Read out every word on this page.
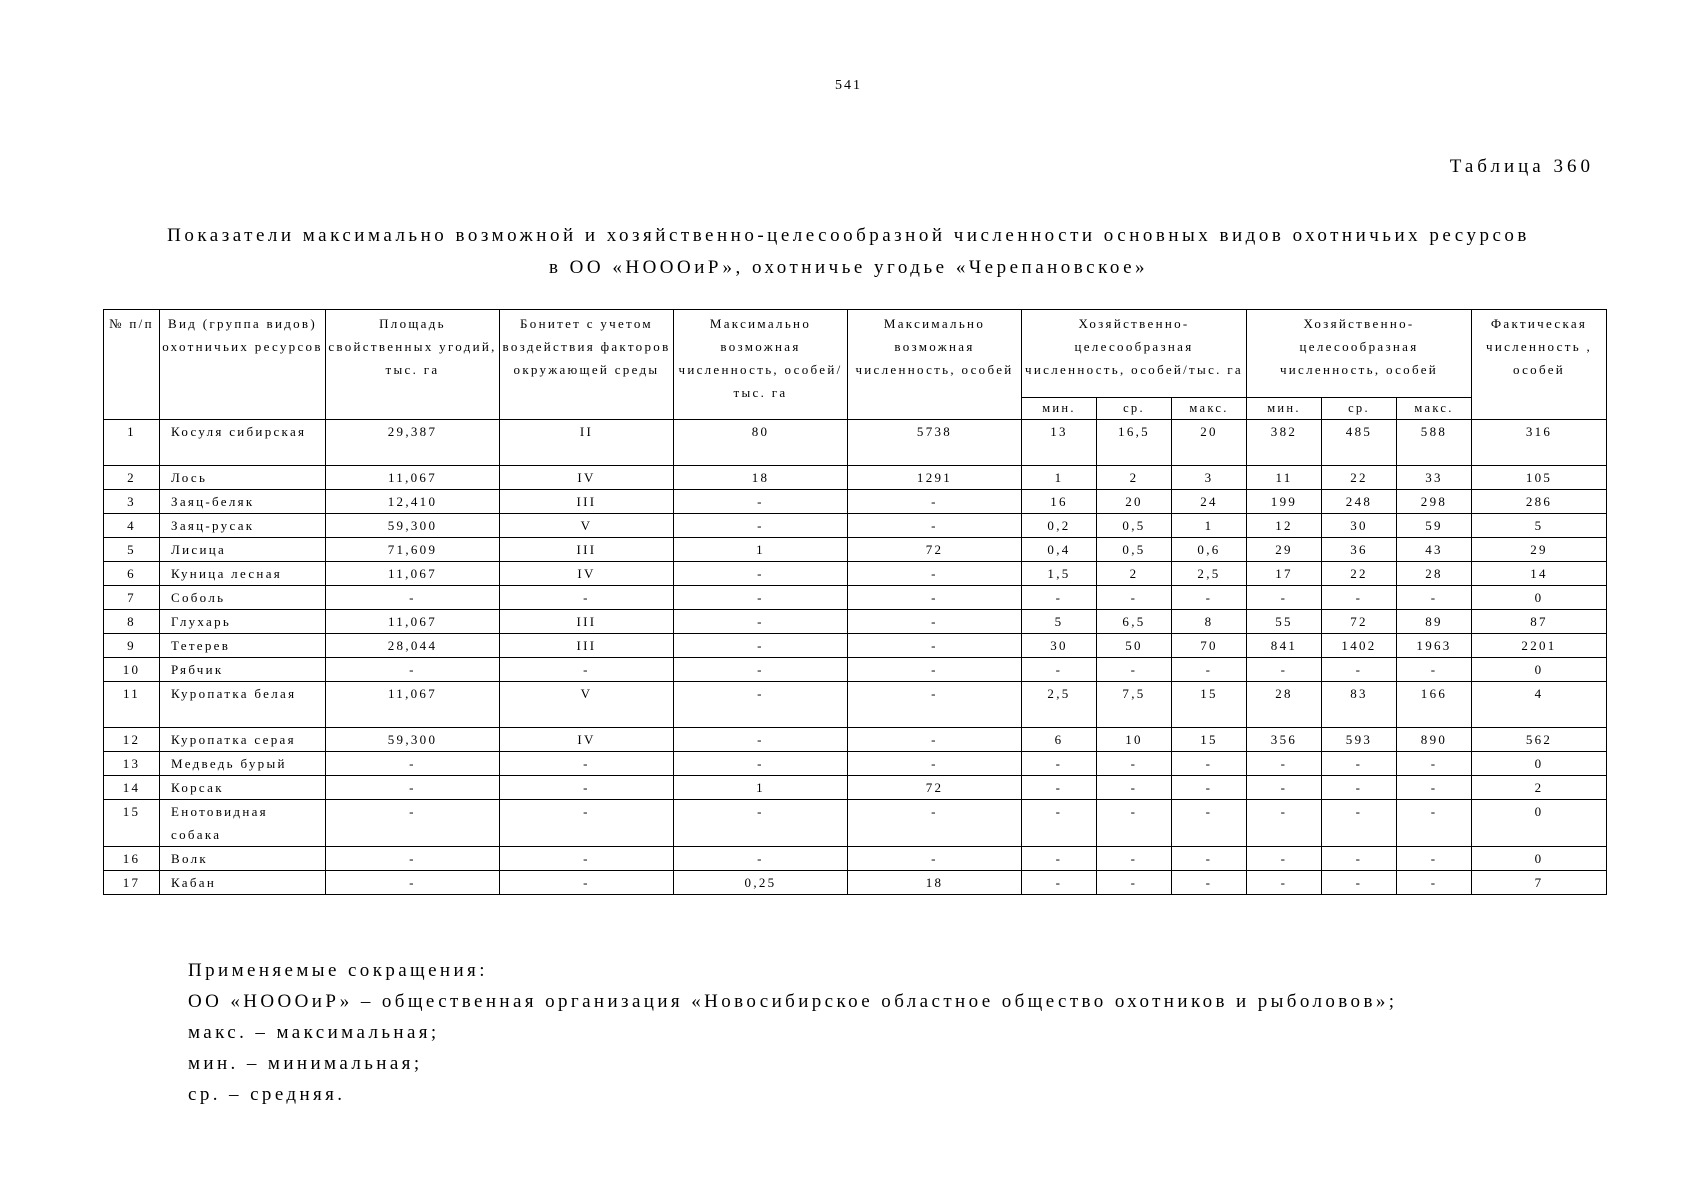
541
Таблица 360
Показатели максимально возможной и хозяйственно-целесообразной численности основных видов охотничьих ресурсов
в ОО «НОООиР», охотничье угодье «Черепановское»
№ п/п	Вид (группа видов) охотничьих ресурсов	Площадь свойственных угодий, тыс. га	Бонитет с учетом воздействия факторов окружающей среды	Максимально возможная численность, особей/тыс. га	Максимально возможная численность, особей	Хозяйственно-целесообразная численность, особей/тыс. га			Хозяйственно-целесообразная численность, особей			Фактическая численность , особей
						мин.	ср.	макс.	мин.	ср.	макс.	
1	Косуля сибирская	29,387	II	80	5738	13	16,5	20	382	485	588	316
2	Лось	11,067	IV	18	1291	1	2	3	11	22	33	105
3	Заяц-беляк	12,410	III	-	-	16	20	24	199	248	298	286
4	Заяц-русак	59,300	V	-	-	0,2	0,5	1	12	30	59	5
5	Лисица	71,609	III	1	72	0,4	0,5	0,6	29	36	43	29
6	Куница лесная	11,067	IV	-	-	1,5	2	2,5	17	22	28	14
7	Соболь	-	-	-	-	-	-	-	-	-	-	0
8	Глухарь	11,067	III	-	-	5	6,5	8	55	72	89	87
9	Тетерев	28,044	III	-	-	30	50	70	841	1402	1963	2201
10	Рябчик	-	-	-	-	-	-	-	-	-	-	0
11	Куропатка белая	11,067	V	-	-	2,5	7,5	15	28	83	166	4
12	Куропатка серая	59,300	IV	-	-	6	10	15	356	593	890	562
13	Медведь бурый	-	-	-	-	-	-	-	-	-	-	0
14	Корсак	-	-	1	72	-	-	-	-	-	-	2
15	Енотовидная собака	-	-	-	-	-	-	-	-	-	-	0
16	Волк	-	-	-	-	-	-	-	-	-	-	0
17	Кабан	-	-	0,25	18	-	-	-	-	-	-	7
Применяемые сокращения:
ОО «НОООиР» – общественная организация «Новосибирское областное общество охотников и рыболовов»;
макс. – максимальная;
мин. – минимальная;
ср. – средняя.
